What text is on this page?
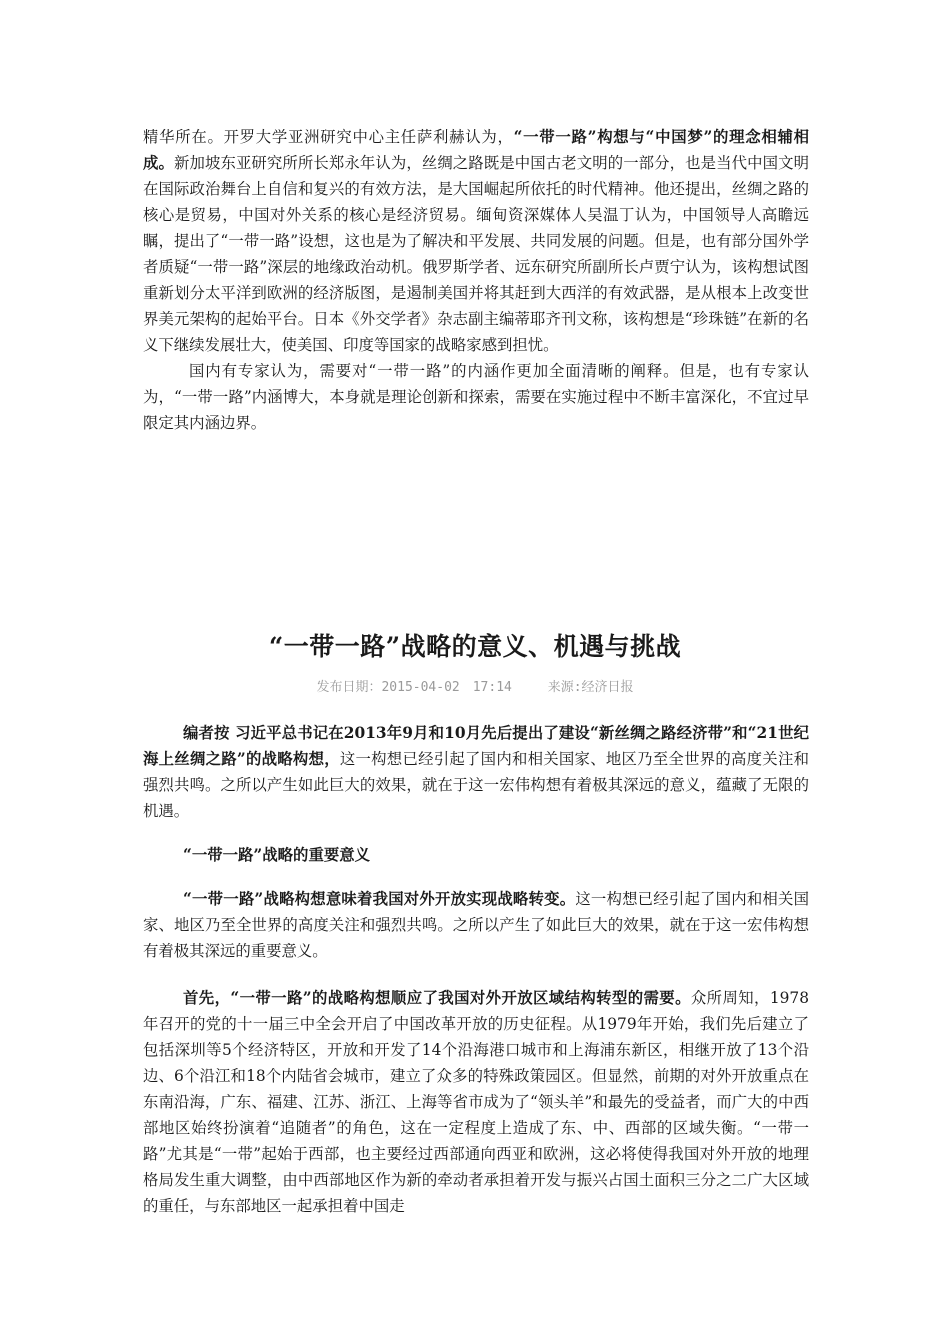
精华所在。开罗大学亚洲研究中心主任萨利赫认为，“一带一路”构想与“中国梦”的理念相辅相成。新加坡东亚研究所所长郑永年认为，丝绸之路既是中国古老文明的一部分，也是当代中国文明在国际政治舞台上自信和复兴的有效方法，是大国崛起所依托的时代精神。他还提出，丝绸之路的核心是贸易，中国对外关系的核心是经济贸易。缅甸资深媒体人吴温丁认为，中国领导人高瞻远瞩，提出了“一带一路”设想，这也是为了解决和平发展、共同发展的问题。但是，也有部分国外学者质疑“一带一路”深层的地缘政治动机。俄罗斯学者、远东研究所副所长卢贾宁认为，该构想试图重新划分太平洋到欧洲的经济版图，是遏制美国并将其赶到大西洋的有效武器，是从根本上改变世界美元架构的起始平台。日本《外交学者》杂志副主编蒂耶齐刊文称，该构想是“珍珠链”在新的名义下继续发展壮大，使美国、印度等国家的战略家感到担忧。

国内有专家认为，需要对“一带一路”的内涵作更加全面清晰的阐释。但是，也有专家认为，“一带一路”内涵博大，本身就是理论创新和探索，需要在实施过程中不断丰富深化，不宜过早限定其内涵边界。

“一带一路”战略的意义、机遇与挑战
发布日期：2015-04-02　17:14	来源:经济日报

编者按 习近平总书记在2013年9月和10月先后提出了建设“新丝绸之路经济带”和“21世纪海上丝绸之路”的战略构想，这一构想已经引起了国内和相关国家、地区乃至全世界的高度关注和强烈共鸣。之所以产生如此巨大的效果，就在于这一宏伟构想有着极其深远的意义，蕴藏了无限的机遇。

“一带一路”战略的重要意义

“一带一路”战略构想意味着我国对外开放实现战略转变。这一构想已经引起了国内和相关国家、地区乃至全世界的高度关注和强烈共鸣。之所以产生了如此巨大的效果，就在于这一宏伟构想有着极其深远的重要意义。

首先，“一带一路”的战略构想顺应了我国对外开放区域结构转型的需要。众所周知，1978年召开的党的十一届三中全会开启了中国改革开放的历史征程。从1979年开始，我们先后建立了包括深圳等5个经济特区，开放和开发了14个沿海港口城市和上海浦东新区，相继开放了13个沿边、6个沿江和18个内陆省会城市，建立了众多的特殊政策园区。但显然，前期的对外开放重点在东南沿海，广东、福建、江苏、浙江、上海等省市成为了“领头羊”和最先的受益者，而广大的中西部地区始终扮演着“追随者”的角色，这在一定程度上造成了东、中、西部的区域失衡。“一带一路”尤其是“一带”起始于西部，也主要经过西部通向西亚和欧洲，这必将使得我国对外开放的地理格局发生重大调整，由中西部地区作为新的牵动者承担着开发与振兴占国土面积三分之二广大区域的重任，与东部地区一起承担着中国走
